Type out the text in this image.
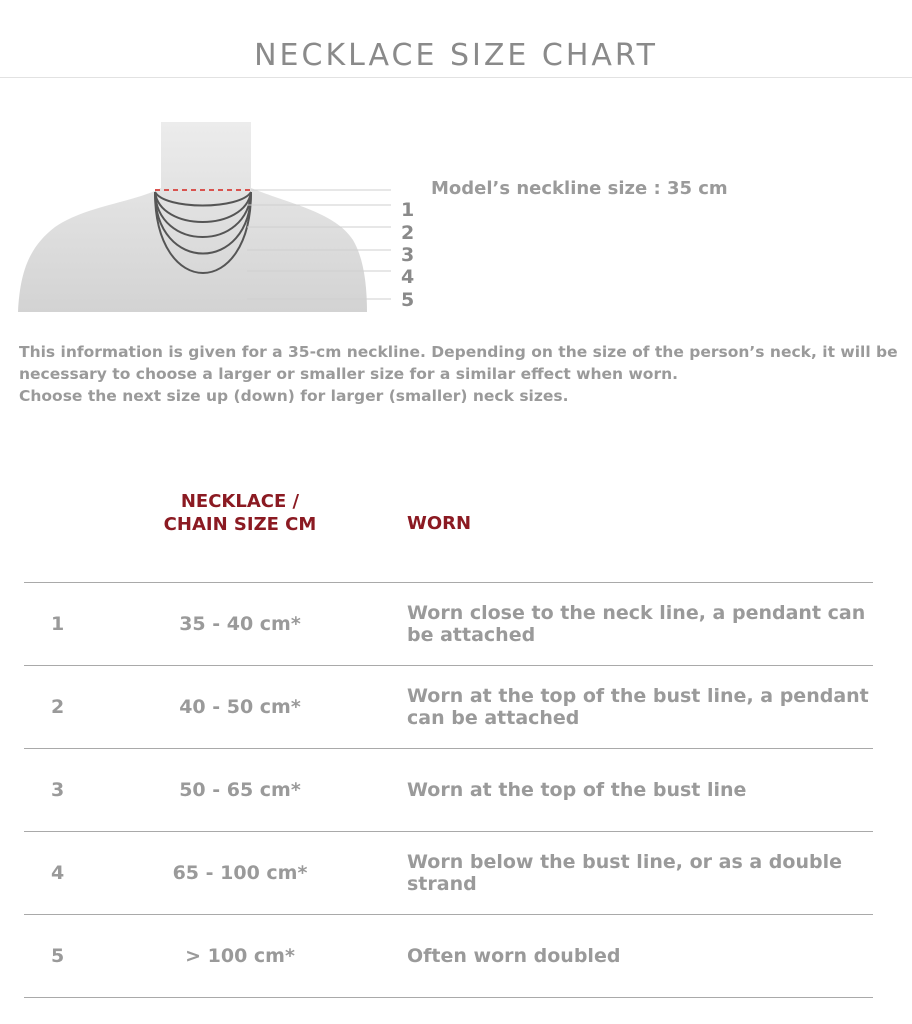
NECKLACE SIZE CHART
1
2
3
4
5
Model’s neckline size : 35 cm

This information is given for a 35-cm neckline. Depending on the size of the person’s neck, it will be

necessary to choose a larger or smaller size for a similar effect when worn.

Choose the next size up (down) for larger (smaller) neck sizes.

NECKLACE /
CHAIN SIZE CM	WORN
1	35 - 40 cm*	Worn close to the neck line, a pendant can be attached
2	40 - 50 cm*	Worn at the top of the bust line, a pendant can be attached
3	50 - 65 cm*	Worn at the top of the bust line
4	65 - 100 cm*	Worn below the bust line, or as a double strand
5	> 100 cm*	Often worn doubled
